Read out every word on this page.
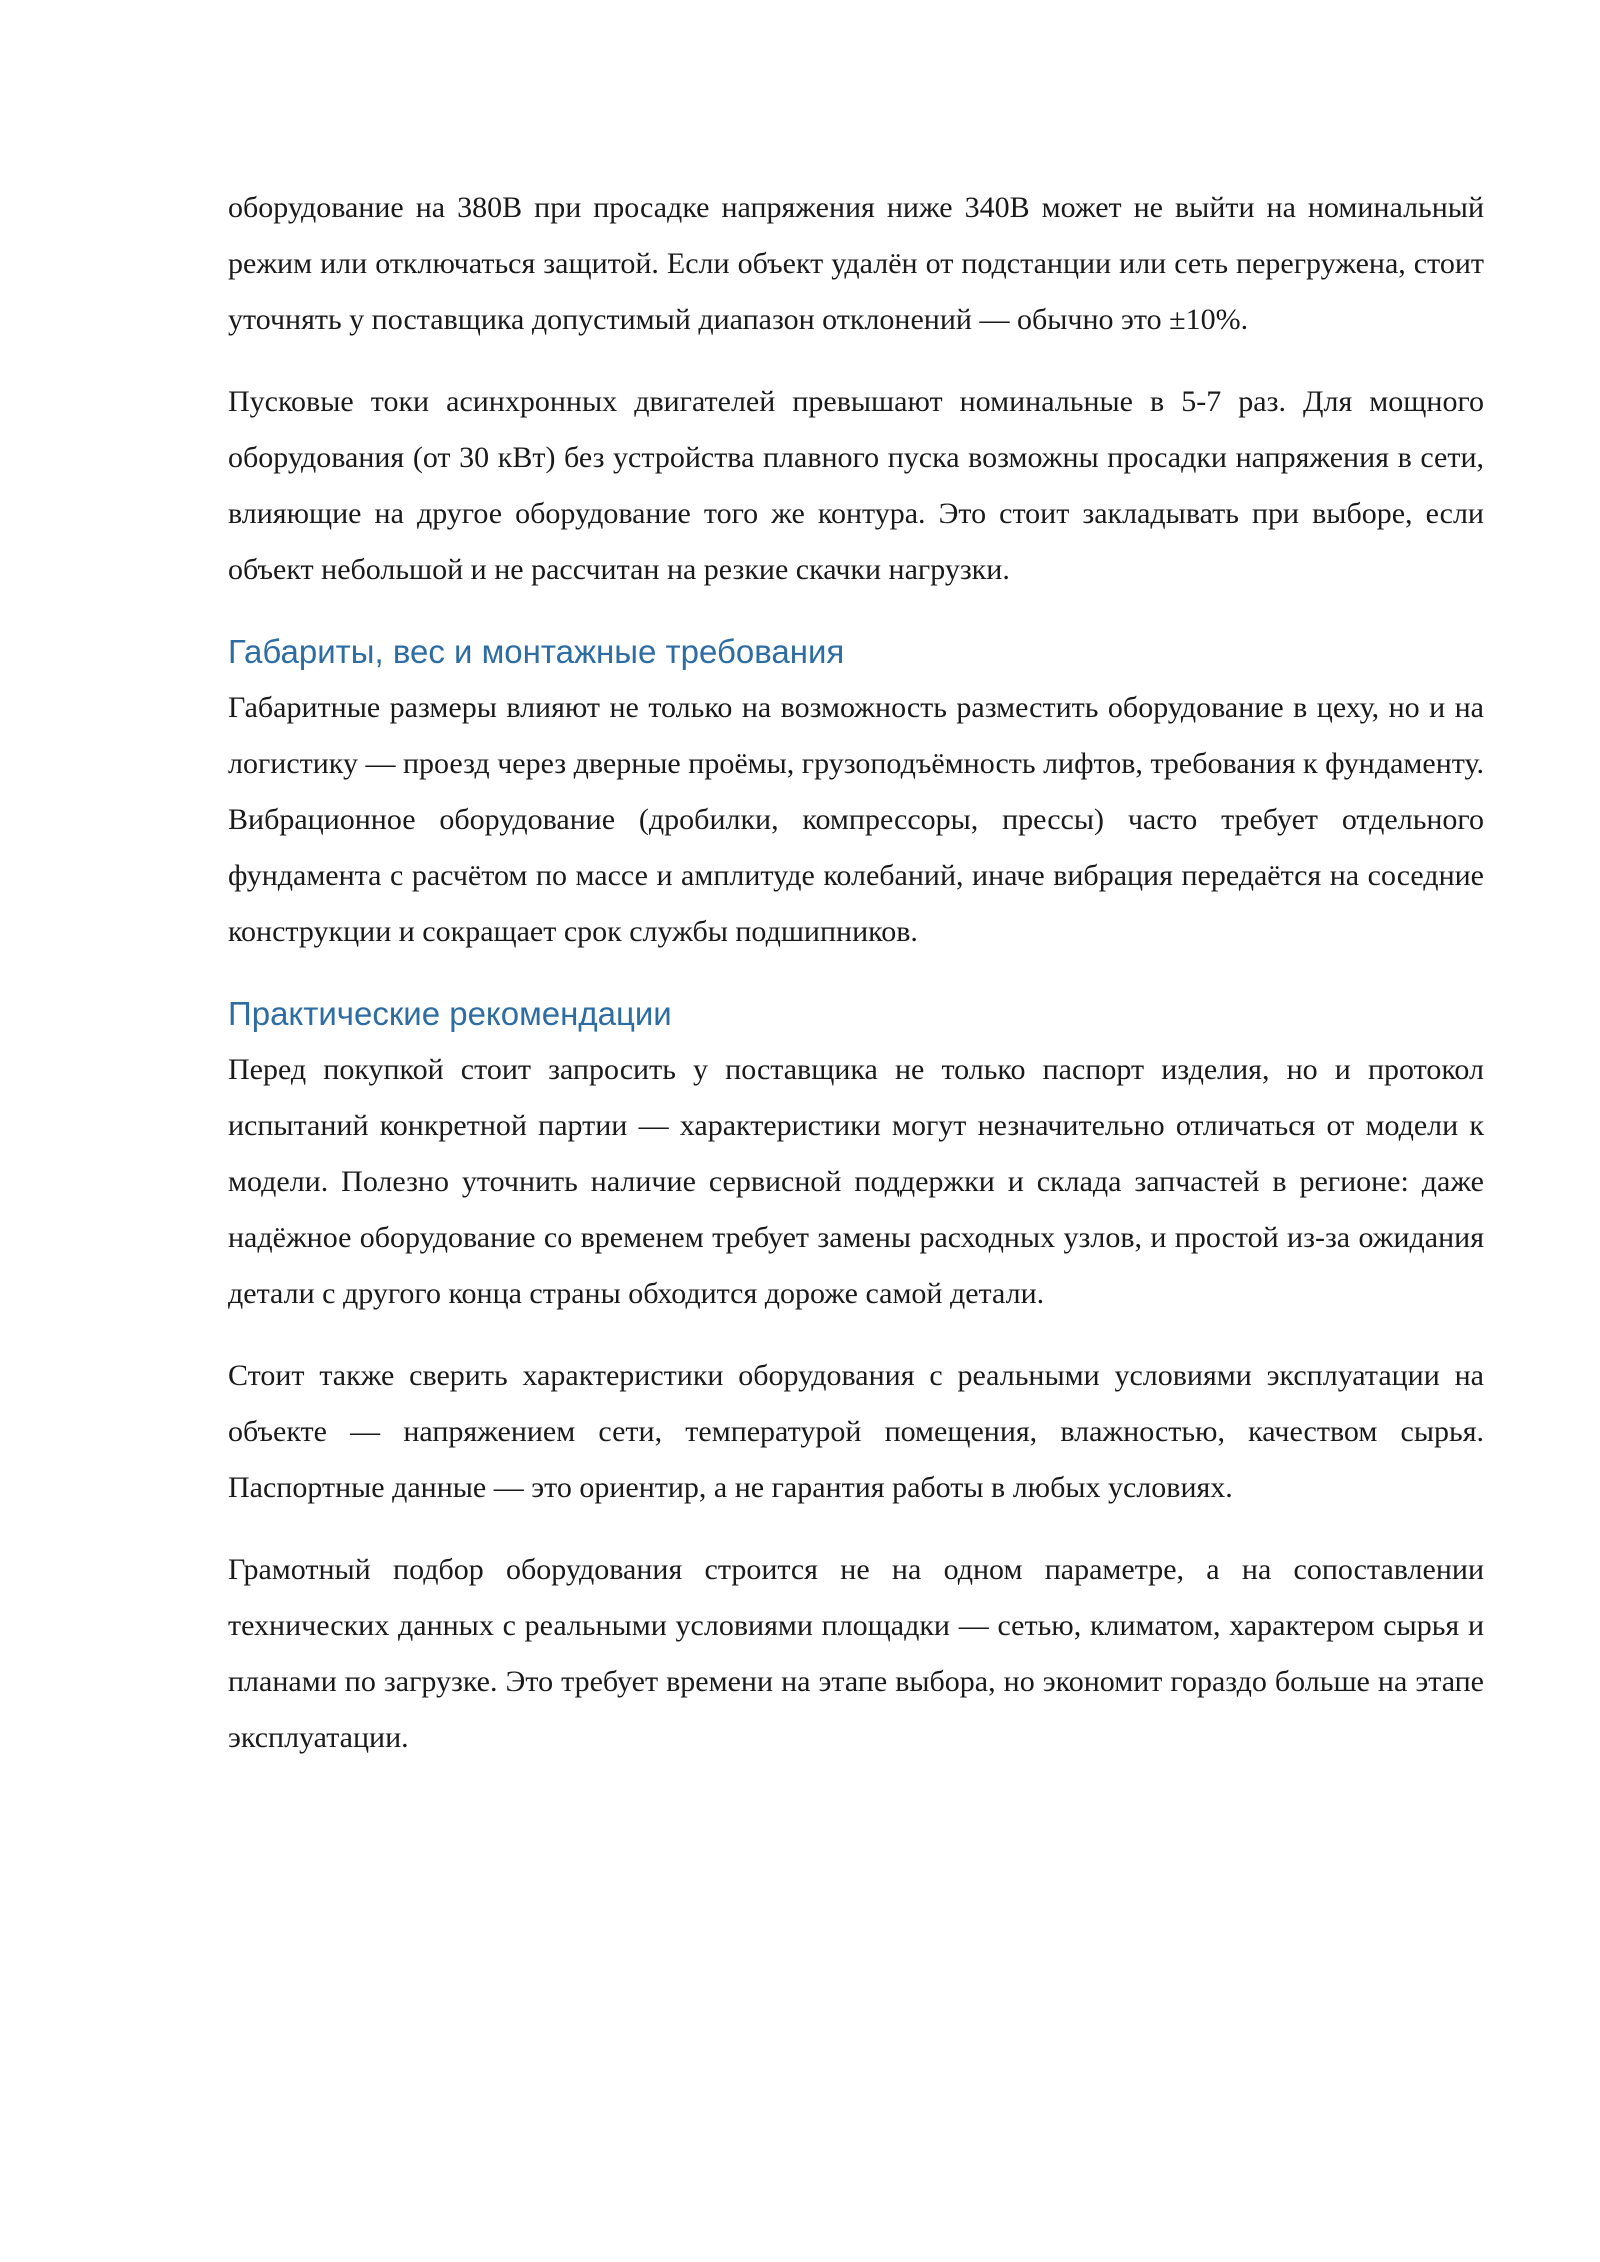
оборудование на 380В при просадке напряжения ниже 340В может не выйти на номинальный режим или отключаться защитой. Если объект удалён от подстанции или сеть перегружена, стоит уточнять у поставщика допустимый диапазон отклонений — обычно это ±10%.

Пусковые токи асинхронных двигателей превышают номинальные в 5-7 раз. Для мощного оборудования (от 30 кВт) без устройства плавного пуска возможны просадки напряжения в сети, влияющие на другое оборудование того же контура. Это стоит закладывать при выборе, если объект небольшой и не рассчитан на резкие скачки нагрузки.

Габариты, вес и монтажные требования

Габаритные размеры влияют не только на возможность разместить оборудование в цеху, но и на логистику — проезд через дверные проёмы, грузоподъёмность лифтов, требования к фундаменту. Вибрационное оборудование (дробилки, компрессоры, прессы) часто требует отдельного фундамента с расчётом по массе и амплитуде колебаний, иначе вибрация передаётся на соседние конструкции и сокращает срок службы подшипников.

Практические рекомендации

Перед покупкой стоит запросить у поставщика не только паспорт изделия, но и протокол испытаний конкретной партии — характеристики могут незначительно отличаться от модели к модели. Полезно уточнить наличие сервисной поддержки и склада запчастей в регионе: даже надёжное оборудование со временем требует замены расходных узлов, и простой из-за ожидания детали с другого конца страны обходится дороже самой детали.

Стоит также сверить характеристики оборудования с реальными условиями эксплуатации на объекте — напряжением сети, температурой помещения, влажностью, качеством сырья. Паспортные данные — это ориентир, а не гарантия работы в любых условиях.

Грамотный подбор оборудования строится не на одном параметре, а на сопоставлении технических данных с реальными условиями площадки — сетью, климатом, характером сырья и планами по загрузке. Это требует времени на этапе выбора, но экономит гораздо больше на этапе эксплуатации.
